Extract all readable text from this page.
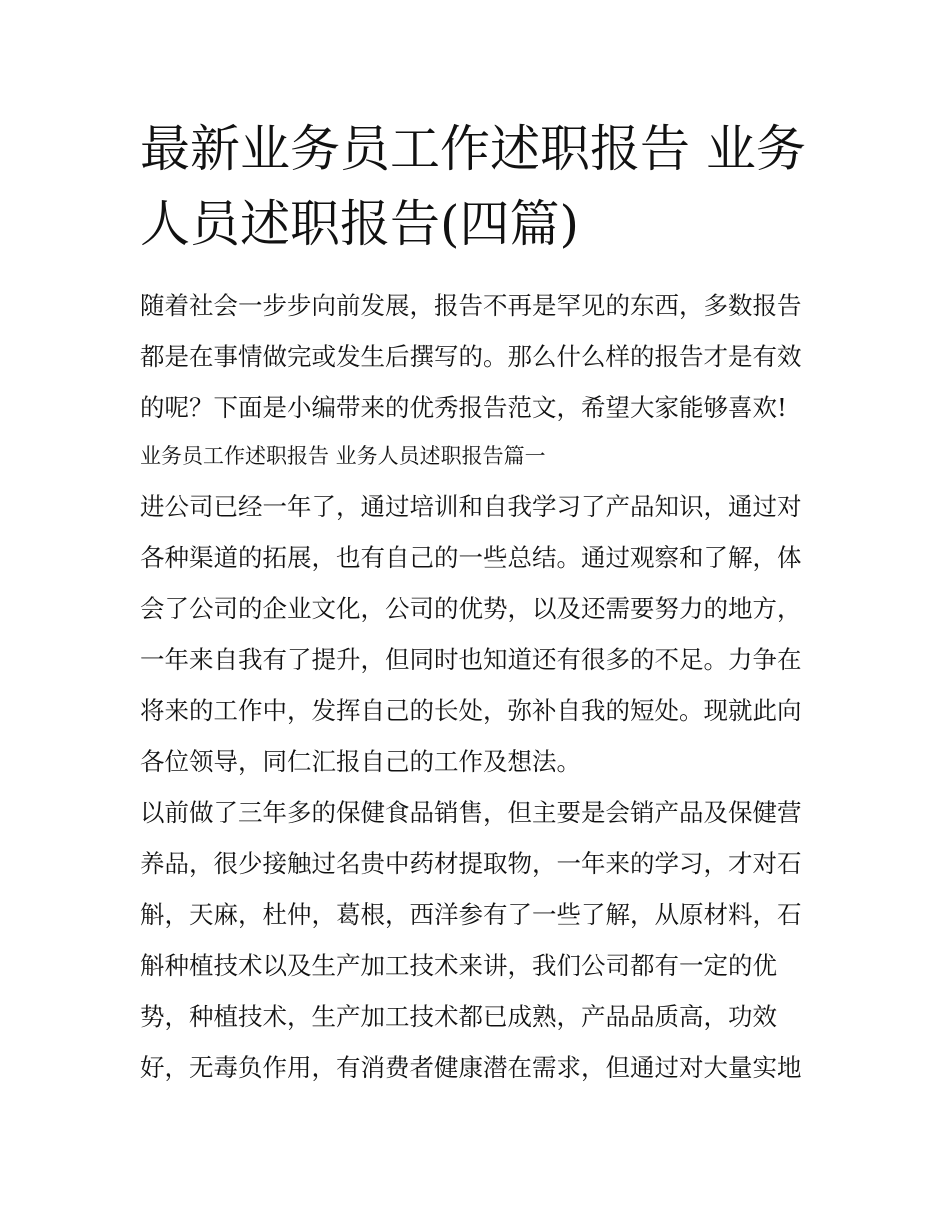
最新业务员工作述职报告 业务
人员述职报告(四篇)
随着社会一步步向前发展，报告不再是罕见的东西，多数报告
都是在事情做完或发生后撰写的。那么什么样的报告才是有效
的呢？下面是小编带来的优秀报告范文，希望大家能够喜欢!
业务员工作述职报告 业务人员述职报告篇一
进公司已经一年了，通过培训和自我学习了产品知识，通过对
各种渠道的拓展，也有自己的一些总结。通过观察和了解，体
会了公司的企业文化，公司的优势，以及还需要努力的地方，
一年来自我有了提升，但同时也知道还有很多的不足。力争在
将来的工作中，发挥自己的长处，弥补自我的短处。现就此向
各位领导，同仁汇报自己的工作及想法。
以前做了三年多的保健食品销售，但主要是会销产品及保健营
养品，很少接触过名贵中药材提取物，一年来的学习，才对石
斛，天麻，杜仲，葛根，西洋参有了一些了解，从原材料，石
斛种植技术以及生产加工技术来讲，我们公司都有一定的优
势，种植技术，生产加工技术都已成熟，产品品质高，功效
好，无毒负作用，有消费者健康潜在需求，但通过对大量实地
